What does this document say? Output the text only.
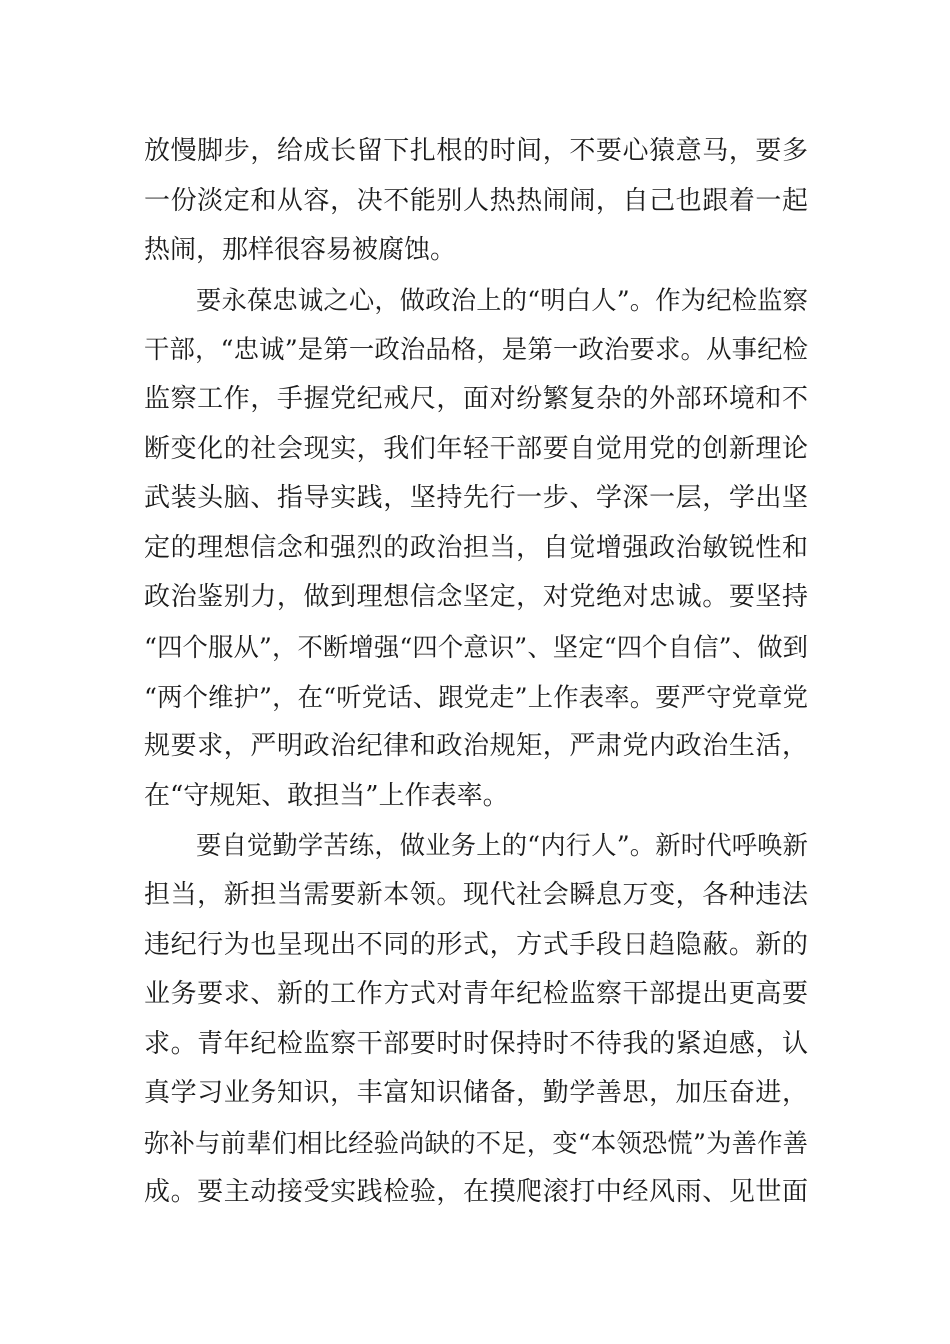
放慢脚步，给成长留下扎根的时间，不要心猿意马，要多
一份淡定和从容，决不能别人热热闹闹，自己也跟着一起
热闹，那样很容易被腐蚀。
要永葆忠诚之心，做政治上的“明白人”。作为纪检监察
干部，“忠诚”是第一政治品格，是第一政治要求。从事纪检
监察工作，手握党纪戒尺，面对纷繁复杂的外部环境和不
断变化的社会现实，我们年轻干部要自觉用党的创新理论
武装头脑、指导实践，坚持先行一步、学深一层，学出坚
定的理想信念和强烈的政治担当，自觉增强政治敏锐性和
政治鉴别力，做到理想信念坚定，对党绝对忠诚。要坚持
“四个服从”，不断增强“四个意识”、坚定“四个自信”、做到
“两个维护”，在“听党话、跟党走”上作表率。要严守党章党
规要求，严明政治纪律和政治规矩，严肃党内政治生活，
在“守规矩、敢担当”上作表率。
要自觉勤学苦练，做业务上的“内行人”。新时代呼唤新
担当，新担当需要新本领。现代社会瞬息万变，各种违法
违纪行为也呈现出不同的形式，方式手段日趋隐蔽。新的
业务要求、新的工作方式对青年纪检监察干部提出更高要
求。青年纪检监察干部要时时保持时不待我的紧迫感，认
真学习业务知识，丰富知识储备，勤学善思，加压奋进，
弥补与前辈们相比经验尚缺的不足，变“本领恐慌”为善作善
成。要主动接受实践检验，在摸爬滚打中经风雨、见世面
